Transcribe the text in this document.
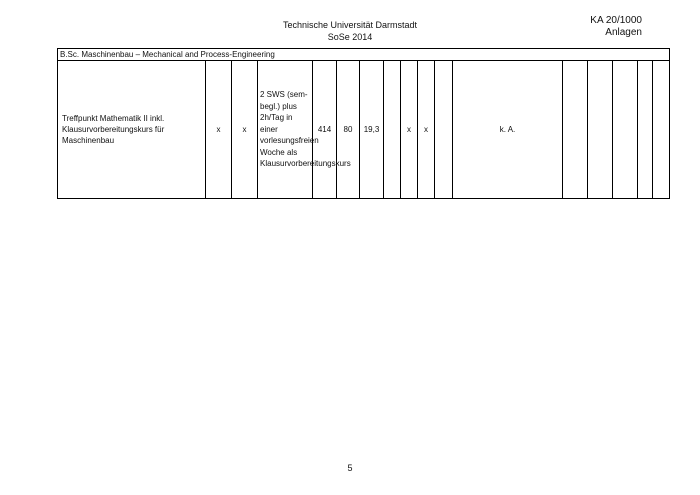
Technische Universität Darmstadt
SoSe 2014
KA 20/1000
Anlagen
B.Sc. Maschinenbau – Mechanical and Process-Engineering
Treffpunkt Mathematik II inkl. Klausurvorbereitungskurs für Maschinenbau	x	x	2 SWS (sem-begl.) plus 2h/Tag in einer vorlesungsfreien Woche als Klausurvorbereitungskurs	414	80	19,3		x	x		k. A.					
5
